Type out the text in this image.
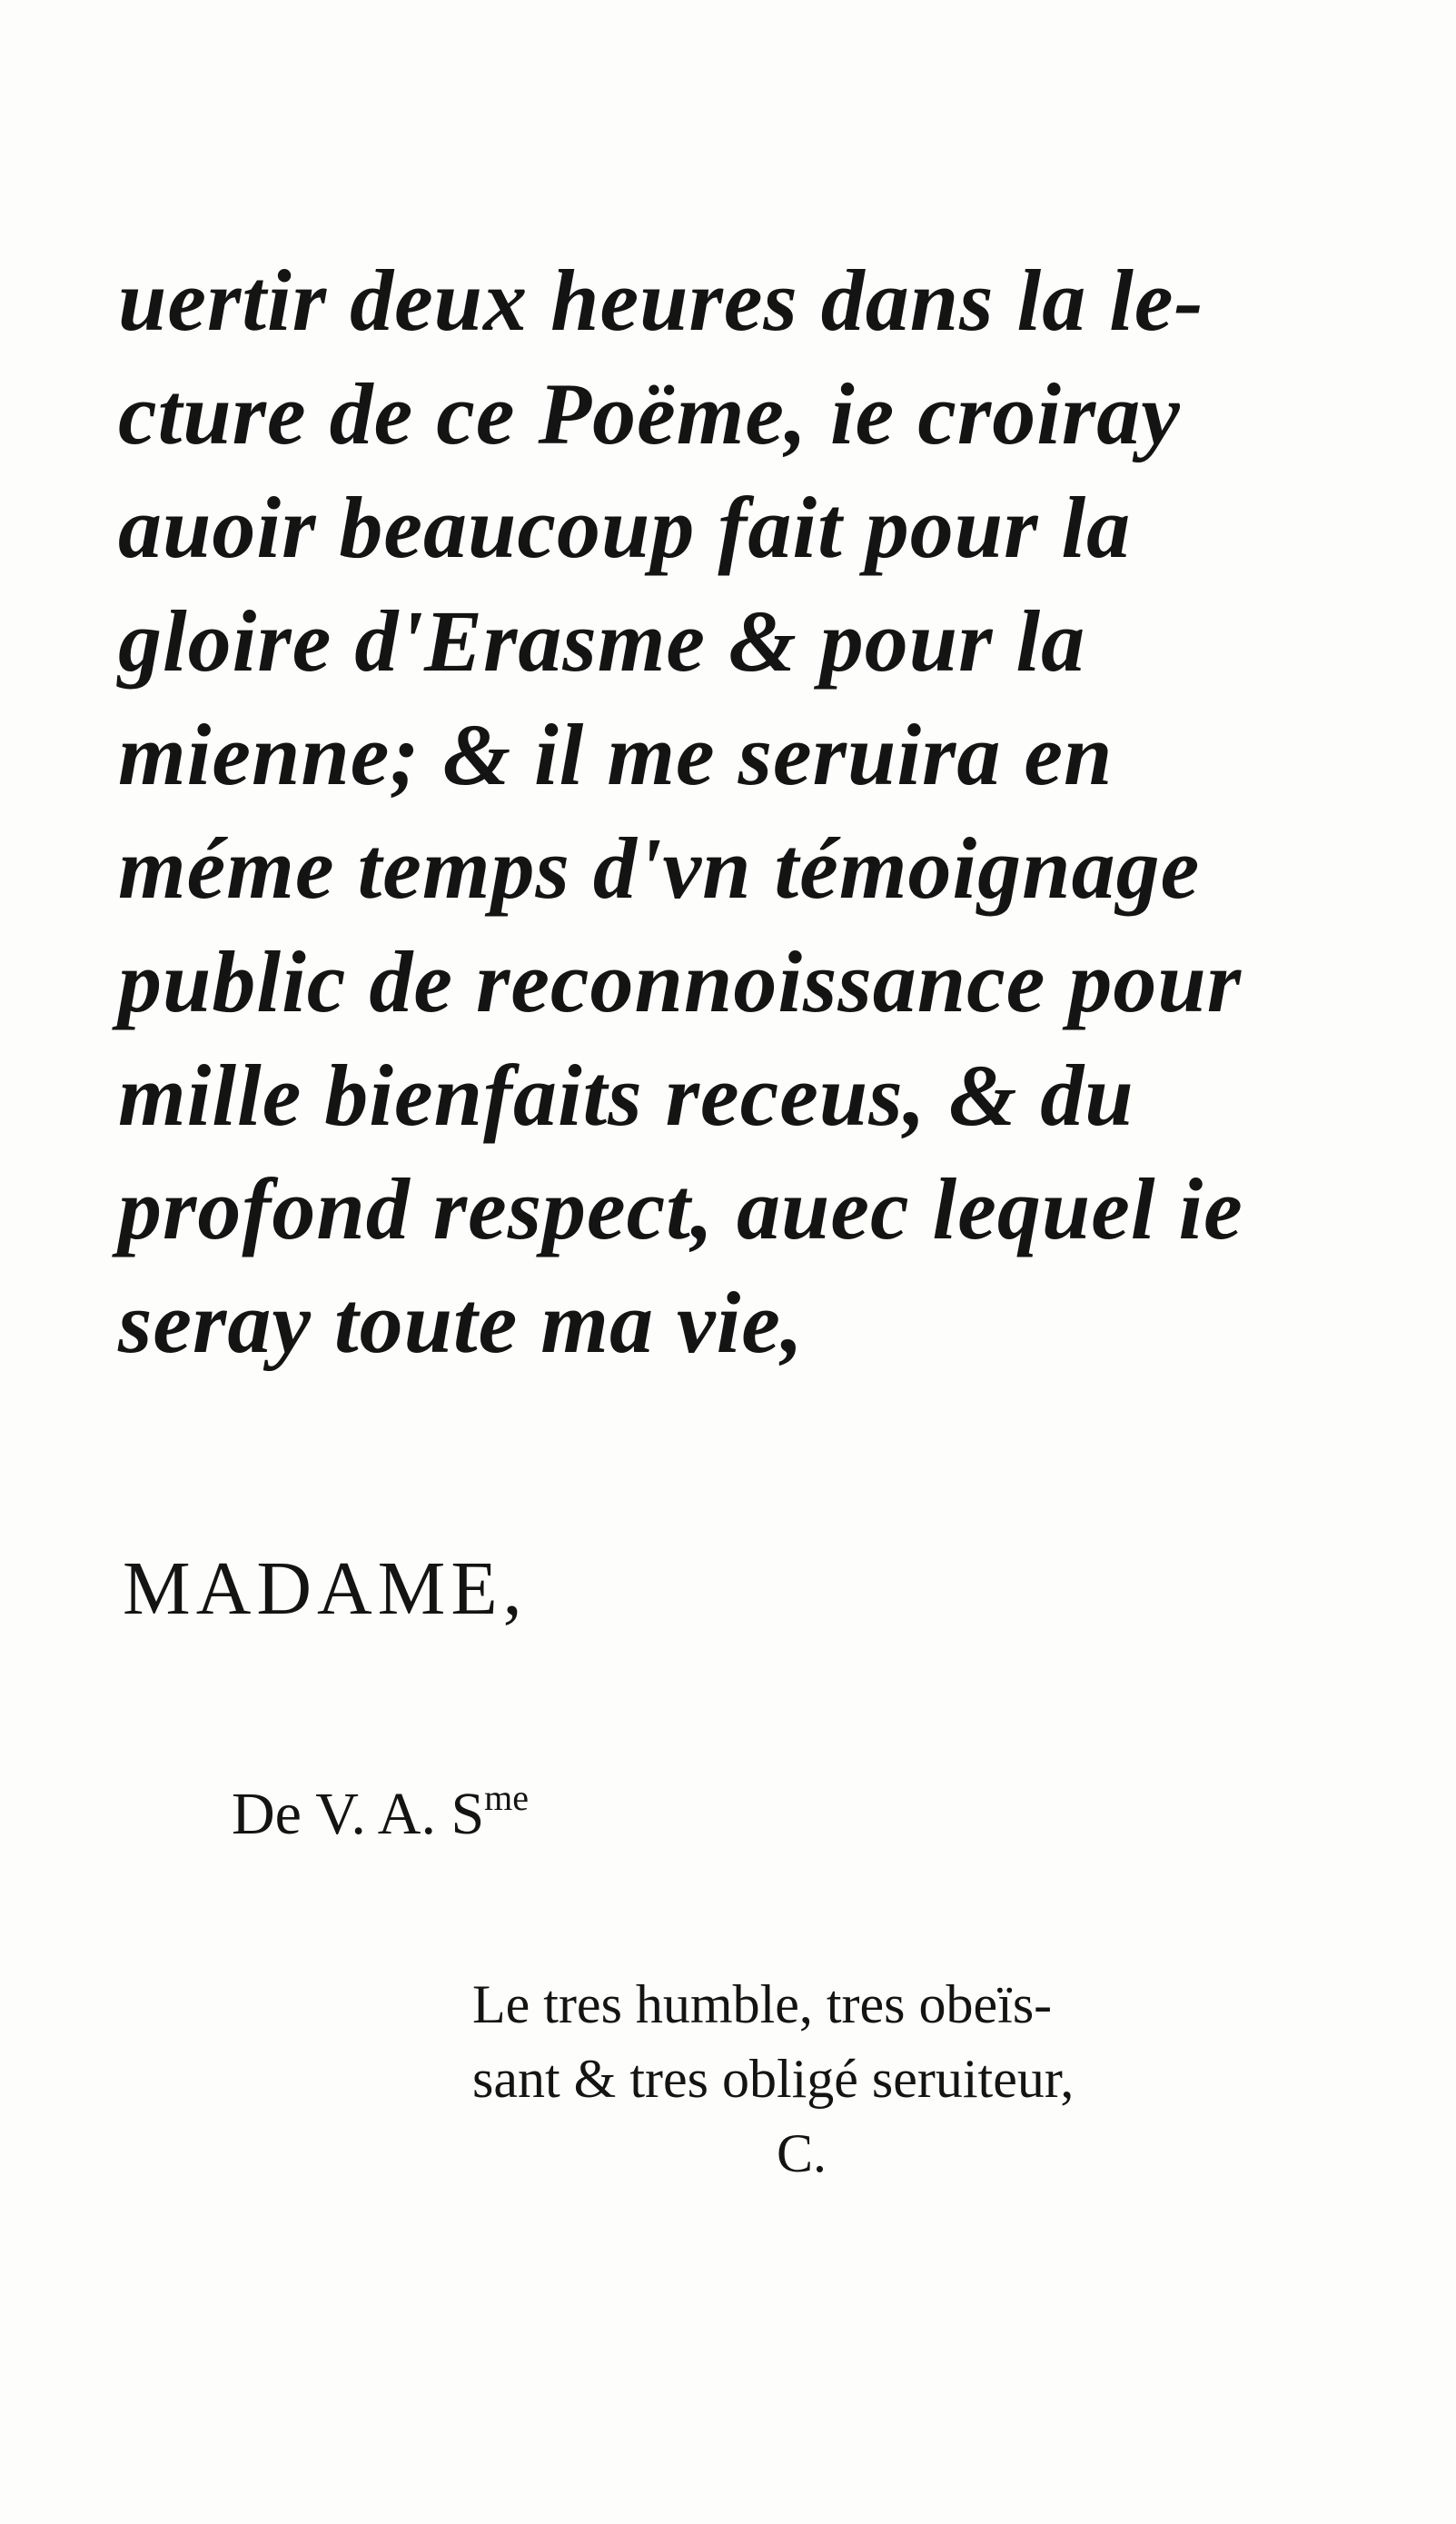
uertir deux heures dans la le-
cture de ce Poëme, ie croiray
auoir beaucoup fait pour la
gloire d'Erasme & pour la
mienne; & il me seruira en
méme temps d'vn témoignage
public de reconnoissance pour
mille bienfaits receus, & du
profond respect, auec lequel ie
seray toute ma vie,
MADAME,
De V. A. $S^{me}$
Le tres humble, tres obeïs-
sant & tres obligé seruiteur,
C.
